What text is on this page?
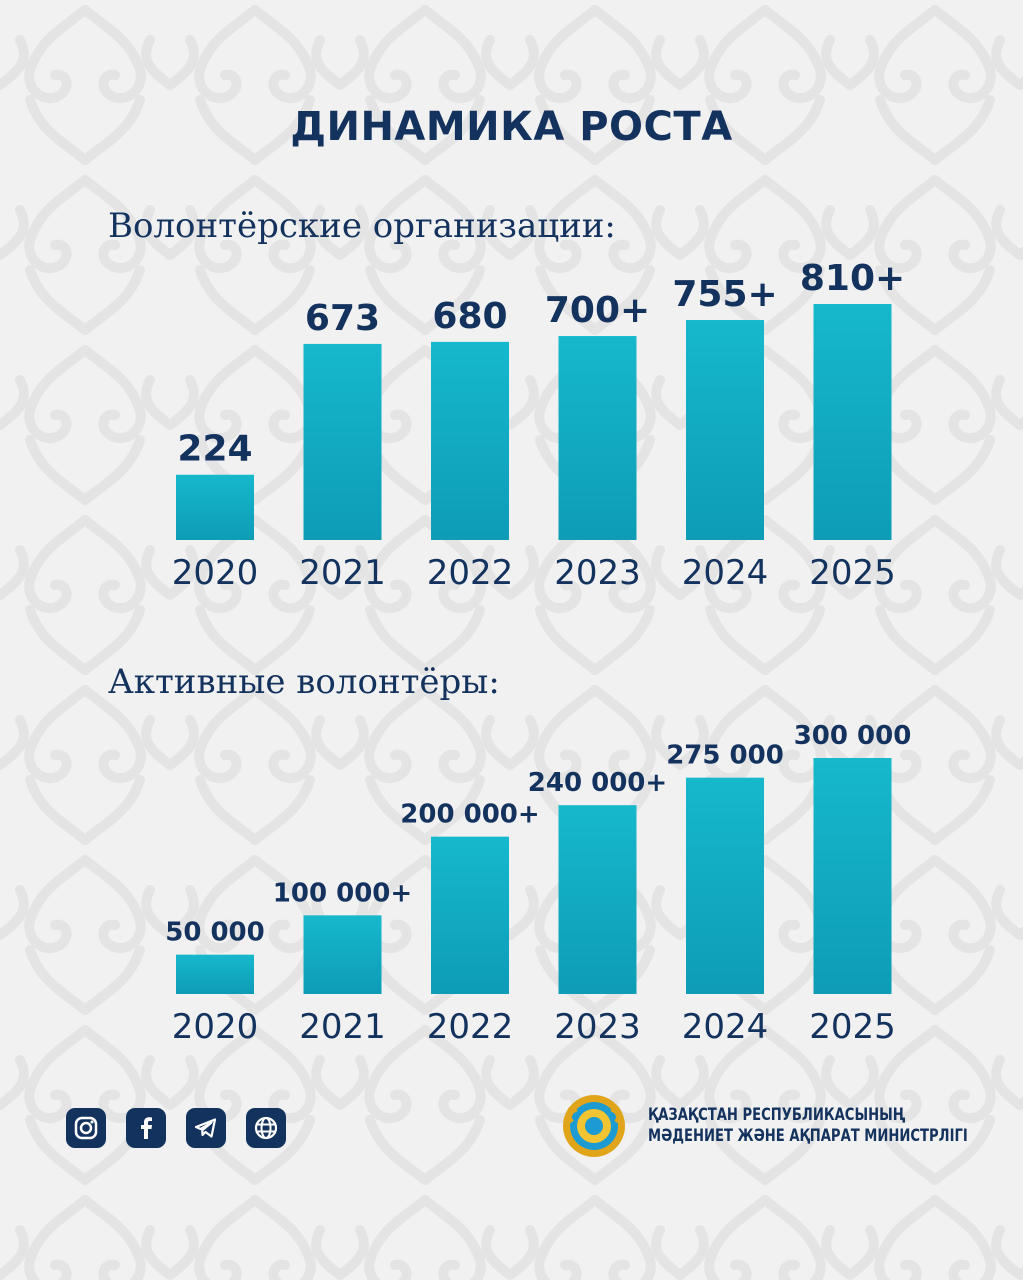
ДИНАМИКА РОСТА
Волонтёрские организации:
224
2020
673
2021
680
2022
700+
2023
755+
2024
810+
2025
Активные волонтёры:
50 000
2020
100 000+
2021
200 000+
2022
240 000+
2023
275 000
2024
300 000
2025
ҚАЗАҚСТАН РЕСПУБЛИКАСЫНЫҢ
МӘДЕНИЕТ ЖӘНЕ АҚПАРАТ МИНИСТРЛІГІ
